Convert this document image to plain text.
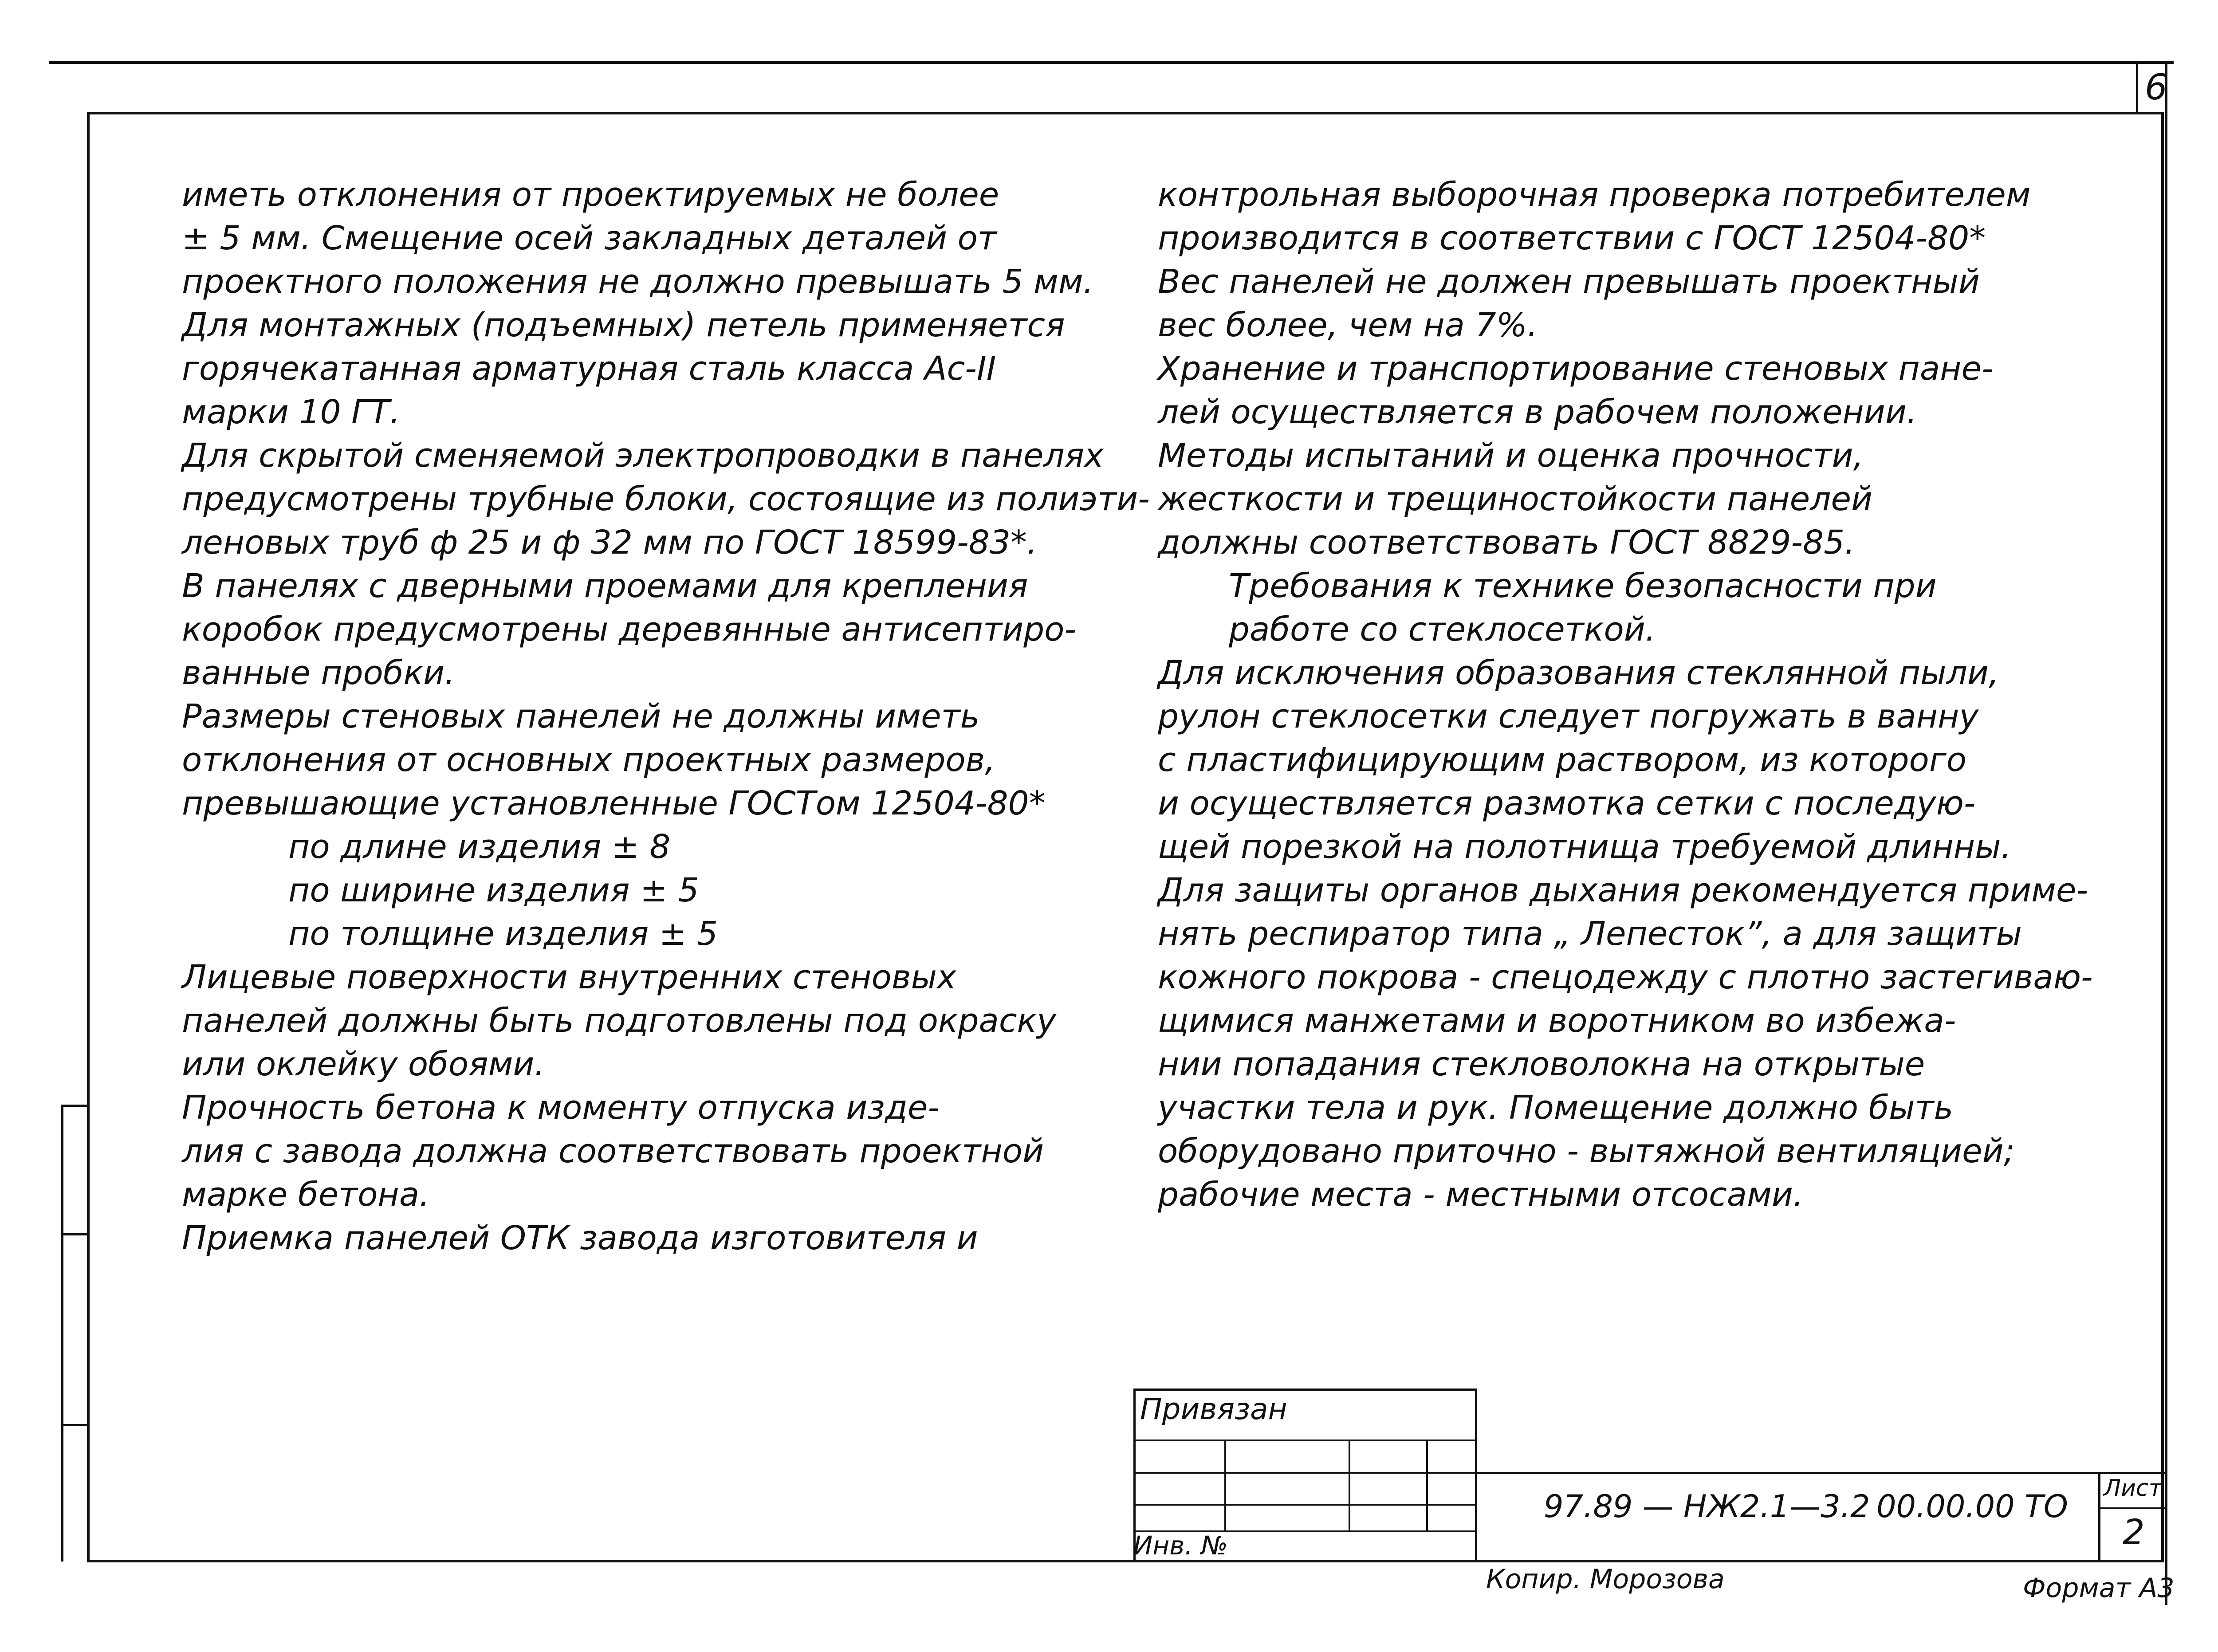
6
иметь отклонения от проектируемых не более
± 5 мм. Смещение осей закладных деталей от
проектного положения не должно превышать 5 мм.
Для монтажных (подъемных) петель применяется
горячекатанная арматурная сталь класса Ас-II
марки 10 ГТ.
Для скрытой сменяемой электропроводки в панелях
предусмотрены трубные блоки, состоящие из полиэти-
леновых труб ф 25 и ф 32 мм по ГОСТ 18599-83*.
В панелях с дверными проемами для крепления
коробок предусмотрены деревянные антисептиро-
ванные пробки.
Размеры стеновых панелей не должны иметь
отклонения от основных проектных размеров,
превышающие установленные ГОСТом 12504-80*
по длине изделия ± 8
по ширине изделия ± 5
по толщине изделия ± 5
Лицевые поверхности внутренних стеновых
панелей должны быть подготовлены под окраску
или оклейку обоями.
Прочность бетона к моменту отпуска изде-
лия с завода должна соответствовать проектной
марке бетона.
Приемка панелей ОТК завода изготовителя и
контрольная выборочная проверка потребителем
производится в соответствии с ГОСТ 12504-80*
Вес панелей не должен превышать проектный
вес более, чем на 7%.
Хранение и транспортирование стеновых пане-
лей осуществляется в рабочем положении.
Методы испытаний и оценка прочности,
жесткости и трещиностойкости панелей
должны соответствовать ГОСТ 8829-85.
Требования к технике безопасности при
работе со стеклосеткой.
Для исключения образования стеклянной пыли,
рулон стеклосетки следует погружать в ванну
с пластифицирующим раствором, из которого
и осуществляется размотка сетки с последую-
щей порезкой на полотнища требуемой длинны.
Для защиты органов дыхания рекомендуется приме-
нять респиратор типа „ Лепесток”, а для защиты
кожного покрова - спецодежду с плотно застегиваю-
щимися манжетами и воротником во избежа-
нии попадания стекловолокна на открытые
участки тела и рук. Помещение должно быть
оборудовано приточно - вытяжной вентиляцией;
рабочие места - местными отсосами.
Привязан
Инв. №
97.89 — НЖ2.1—3.2 00.00.00 ТО Лист
2
Копир. Морозова	Формат А3
